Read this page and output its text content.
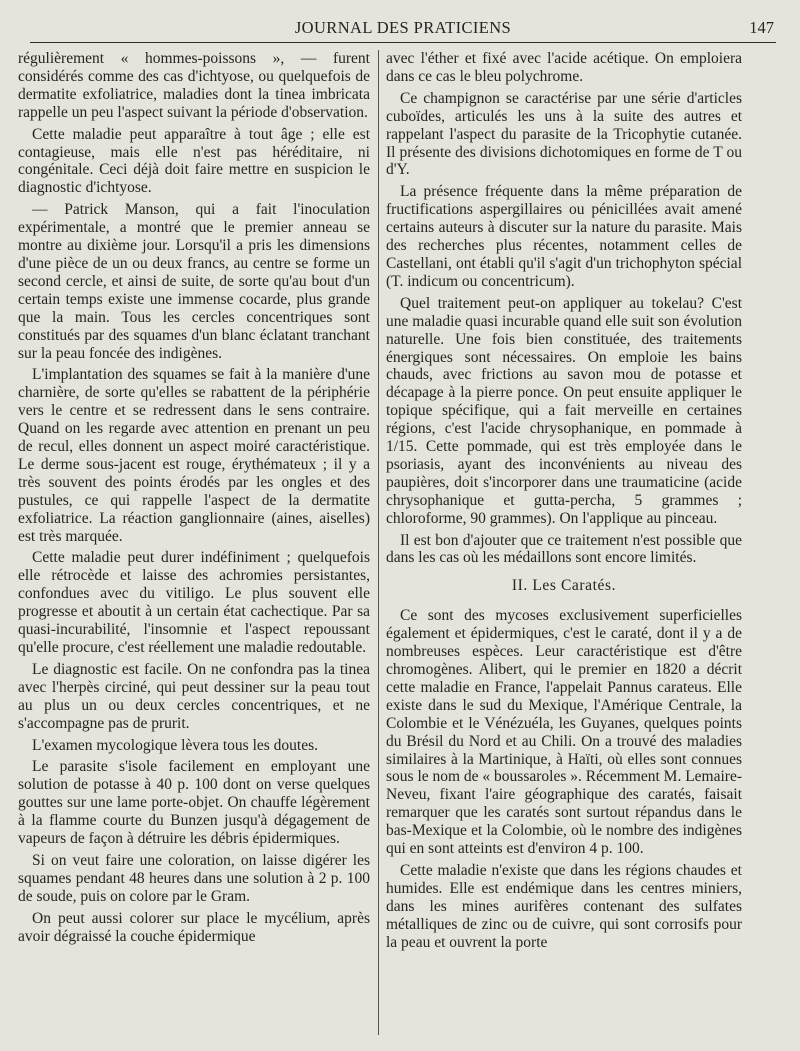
JOURNAL DES PRATICIENS	147

régulièrement « hommes-poissons », — furent considérés comme des cas d'ichtyose, ou quelquefois de dermatite exfoliatrice, maladies dont la tinea imbricata rappelle un peu l'aspect suivant la période d'observation.

Cette maladie peut apparaître à tout âge ; elle est contagieuse, mais elle n'est pas héréditaire, ni congénitale. Ceci déjà doit faire mettre en suspicion le diagnostic d'ichtyose.

— Patrick Manson, qui a fait l'inoculation expérimentale, a montré que le premier anneau se montre au dixième jour. Lorsqu'il a pris les dimensions d'une pièce de un ou deux francs, au centre se forme un second cercle, et ainsi de suite, de sorte qu'au bout d'un certain temps existe une immense cocarde, plus grande que la main. Tous les cercles concentriques sont constitués par des squames d'un blanc éclatant tranchant sur la peau foncée des indigènes.

L'implantation des squames se fait à la manière d'une charnière, de sorte qu'elles se rabattent de la périphérie vers le centre et se redressent dans le sens contraire. Quand on les regarde avec attention en prenant un peu de recul, elles donnent un aspect moiré caractéristique. Le derme sous-jacent est rouge, érythémateux ; il y a très souvent des points érodés par les ongles et des pustules, ce qui rappelle l'aspect de la dermatite exfoliatrice. La réaction ganglionnaire (aines, aiselles) est très marquée.

Cette maladie peut durer indéfiniment ; quelquefois elle rétrocède et laisse des achromies persistantes, confondues avec du vitiligo. Le plus souvent elle progresse et aboutit à un certain état cachectique. Par sa quasi-incurabilité, l'insomnie et l'aspect repoussant qu'elle procure, c'est réellement une maladie redoutable.

Le diagnostic est facile. On ne confondra pas la tinea avec l'herpès circiné, qui peut dessiner sur la peau tout au plus un ou deux cercles concentriques, et ne s'accompagne pas de prurit.

L'examen mycologique lèvera tous les doutes.

Le parasite s'isole facilement en employant une solution de potasse à 40 p. 100 dont on verse quelques gouttes sur une lame porte-objet. On chauffe légèrement à la flamme courte du Bunzen jusqu'à dégagement de vapeurs de façon à détruire les débris épidermiques.

Si on veut faire une coloration, on laisse digérer les squames pendant 48 heures dans une solution à 2 p. 100 de soude, puis on colore par le Gram.

On peut aussi colorer sur place le mycélium, après avoir dégraissé la couche épidermique

avec l'éther et fixé avec l'acide acétique. On emploiera dans ce cas le bleu polychrome.

Ce champignon se caractérise par une série d'articles cuboïdes, articulés les uns à la suite des autres et rappelant l'aspect du parasite de la Tricophytie cutanée. Il présente des divisions dichotomiques en forme de T ou d'Y.

La présence fréquente dans la même préparation de fructifications aspergillaires ou pénicillées avait amené certains auteurs à discuter sur la nature du parasite. Mais des recherches plus récentes, notamment celles de Castellani, ont établi qu'il s'agit d'un trichophyton spécial (T. indicum ou concentricum).

Quel traitement peut-on appliquer au tokelau? C'est une maladie quasi incurable quand elle suit son évolution naturelle. Une fois bien constituée, des traitements énergiques sont nécessaires. On emploie les bains chauds, avec frictions au savon mou de potasse et décapage à la pierre ponce. On peut ensuite appliquer le topique spécifique, qui a fait merveille en certaines régions, c'est l'acide chrysophanique, en pommade à 1/15. Cette pommade, qui est très employée dans le psoriasis, ayant des inconvénients au niveau des paupières, doit s'incorporer dans une traumaticine (acide chrysophanique et gutta-percha, 5 grammes ; chloroforme, 90 grammes). On l'applique au pinceau.

Il est bon d'ajouter que ce traitement n'est possible que dans les cas où les médaillons sont encore limités.

II. Les Caratés.

Ce sont des mycoses exclusivement superficielles également et épidermiques, c'est le caraté, dont il y a de nombreuses espèces. Leur caractéristique est d'être chromogènes. Alibert, qui le premier en 1820 a décrit cette maladie en France, l'appelait Pannus carateus. Elle existe dans le sud du Mexique, l'Amérique Centrale, la Colombie et le Vénézuéla, les Guyanes, quelques points du Brésil du Nord et au Chili. On a trouvé des maladies similaires à la Martinique, à Haïti, où elles sont connues sous le nom de « boussaroles ». Récemment M. Lemaire-Neveu, fixant l'aire géographique des caratés, faisait remarquer que les caratés sont surtout répandus dans le bas-Mexique et la Colombie, où le nombre des indigènes qui en sont atteints est d'environ 4 p. 100.

Cette maladie n'existe que dans les régions chaudes et humides. Elle est endémique dans les centres miniers, dans les mines aurifères contenant des sulfates métalliques de zinc ou de cuivre, qui sont corrosifs pour la peau et ouvrent la porte
